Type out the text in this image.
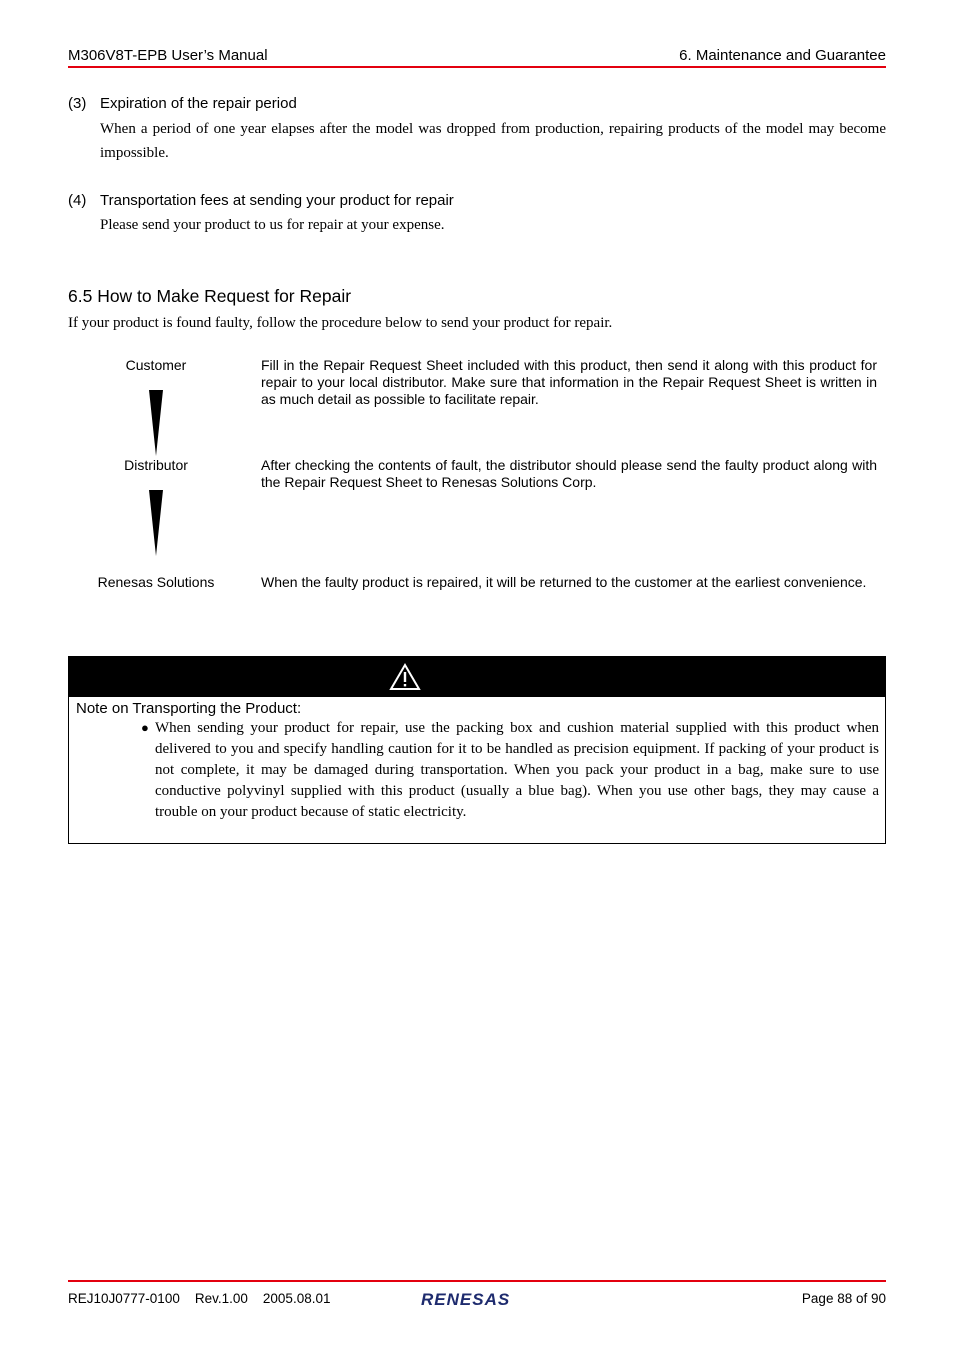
M306V8T-EPB User’s Manual	6. Maintenance and Guarantee
(3) Expiration of the repair period
When a period of one year elapses after the model was dropped from production, repairing products of the model may become impossible.
(4) Transportation fees at sending your product for repair
Please send your product to us for repair at your expense.
6.5 How to Make Request for Repair
If your product is found faulty, follow the procedure below to send your product for repair.
Customer	Fill in the Repair Request Sheet included with this product, then send it along with this product for repair to your local distributor. Make sure that information in the Repair Request Sheet is written in as much detail as possible to facilitate repair.
Distributor	After checking the contents of fault, the distributor should please send the faulty product along with the Repair Request Sheet to Renesas Solutions Corp.
Renesas Solutions	When the faulty product is repaired, it will be returned to the customer at the earliest convenience.
Note on Transporting the Product:
● When sending your product for repair, use the packing box and cushion material supplied with this product when delivered to you and specify handling caution for it to be handled as precision equipment. If packing of your product is not complete, it may be damaged during transportation. When you pack your product in a bag, make sure to use conductive polyvinyl supplied with this product (usually a blue bag). When you use other bags, they may cause a trouble on your product because of static electricity.
REJ10J0777-0100 Rev.1.00 2005.08.01	RENESAS	Page 88 of 90
